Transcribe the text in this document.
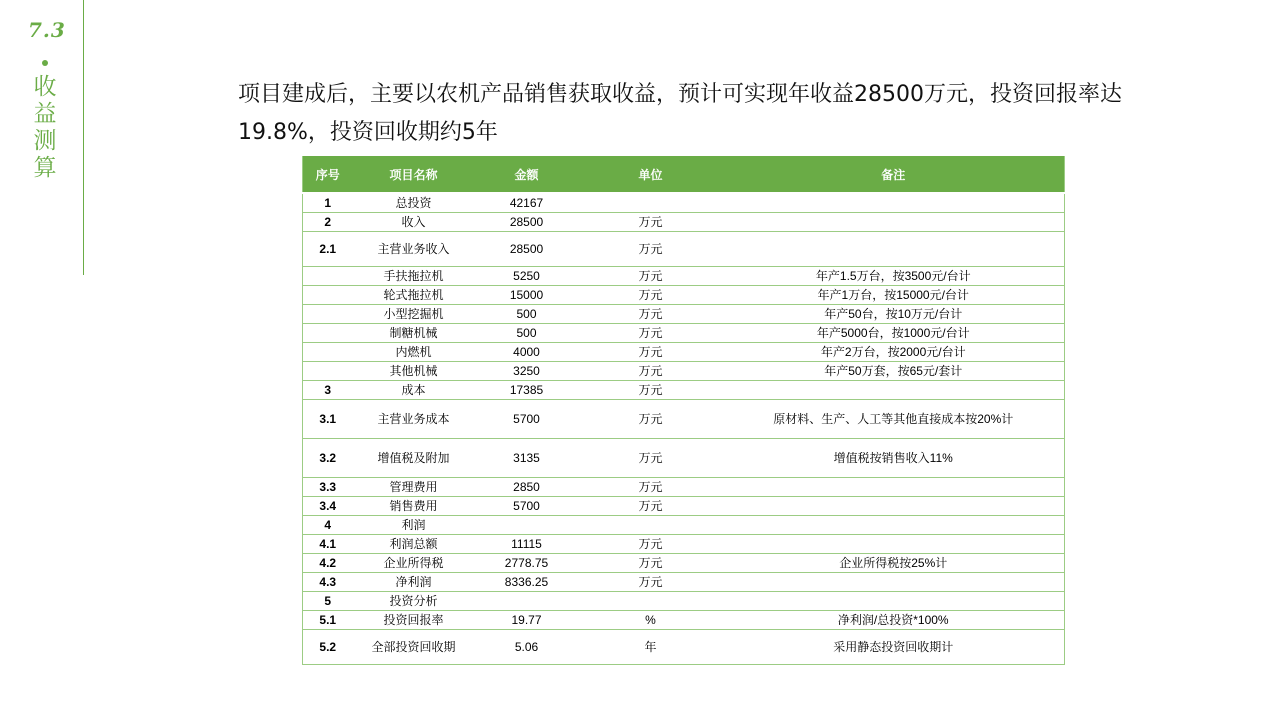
7.3
收
益
测
算
项目建成后，主要以农机产品销售获取收益，预计可实现年收益28500万元，投资回报率达19.8%，投资回收期约5年
序号	项目名称	金额	单位	备注
1	总投资	42167		
2	收入	28500	万元	
2.1	主营业务收入	28500	万元	
	手扶拖拉机	5250	万元	年产1.5万台，按3500元/台计
	轮式拖拉机	15000	万元	年产1万台，按15000元/台计
	小型挖掘机	500	万元	年产50台，按10万元/台计
	制糖机械	500	万元	年产5000台，按1000元/台计
	内燃机	4000	万元	年产2万台，按2000元/台计
	其他机械	3250	万元	年产50万套，按65元/套计
3	成本	17385	万元	
3.1	主营业务成本	5700	万元	原材料、生产、人工等其他直接成本按20%计
3.2	增值税及附加	3135	万元	增值税按销售收入11%
3.3	管理费用	2850	万元	
3.4	销售费用	5700	万元	
4	利润			
4.1	利润总额	11115	万元	
4.2	企业所得税	2778.75	万元	企业所得税按25%计
4.3	净利润	8336.25	万元	
5	投资分析			
5.1	投资回报率	19.77	%	净利润/总投资*100%
5.2	全部投资回收期	5.06	年	采用静态投资回收期计
